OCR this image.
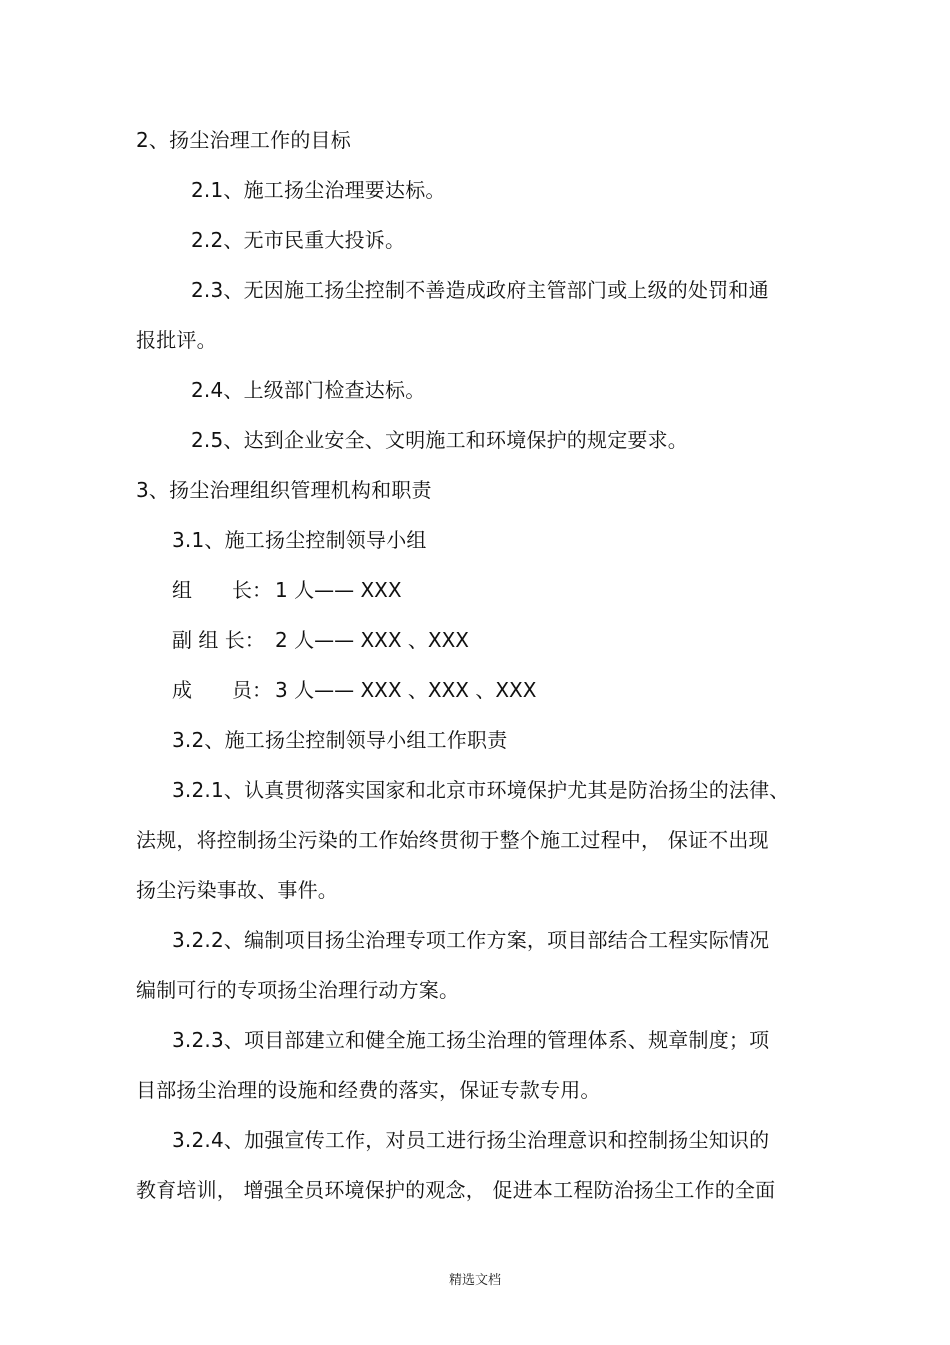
2、扬尘治理工作的目标
2.1、施工扬尘治理要达标。
2.2、无市民重大投诉。
2.3、无因施工扬尘控制不善造成政府主管部门或上级的处罚和通
报批评。
2.4、上级部门检查达标。
2.5、达到企业安全、文明施工和环境保护的规定要求。
3、扬尘治理组织管理机构和职责
3.1、施工扬尘控制领导小组
组　　长： 1 人—— XXX
副 组 长： 2 人—— XXX 、XXX
成　　员： 3 人—— XXX 、XXX 、XXX
3.2、施工扬尘控制领导小组工作职责
3.2.1、认真贯彻落实国家和北京市环境保护尤其是防治扬尘的法律、
法规，将控制扬尘污染的工作始终贯彻于整个施工过程中， 保证不出现
扬尘污染事故、事件。
3.2.2、编制项目扬尘治理专项工作方案，项目部结合工程实际情况
编制可行的专项扬尘治理行动方案。
3.2.3、项目部建立和健全施工扬尘治理的管理体系、规章制度；项
目部扬尘治理的设施和经费的落实，保证专款专用。
3.2.4、加强宣传工作，对员工进行扬尘治理意识和控制扬尘知识的
教育培训， 增强全员环境保护的观念， 促进本工程防治扬尘工作的全面
精选文档
